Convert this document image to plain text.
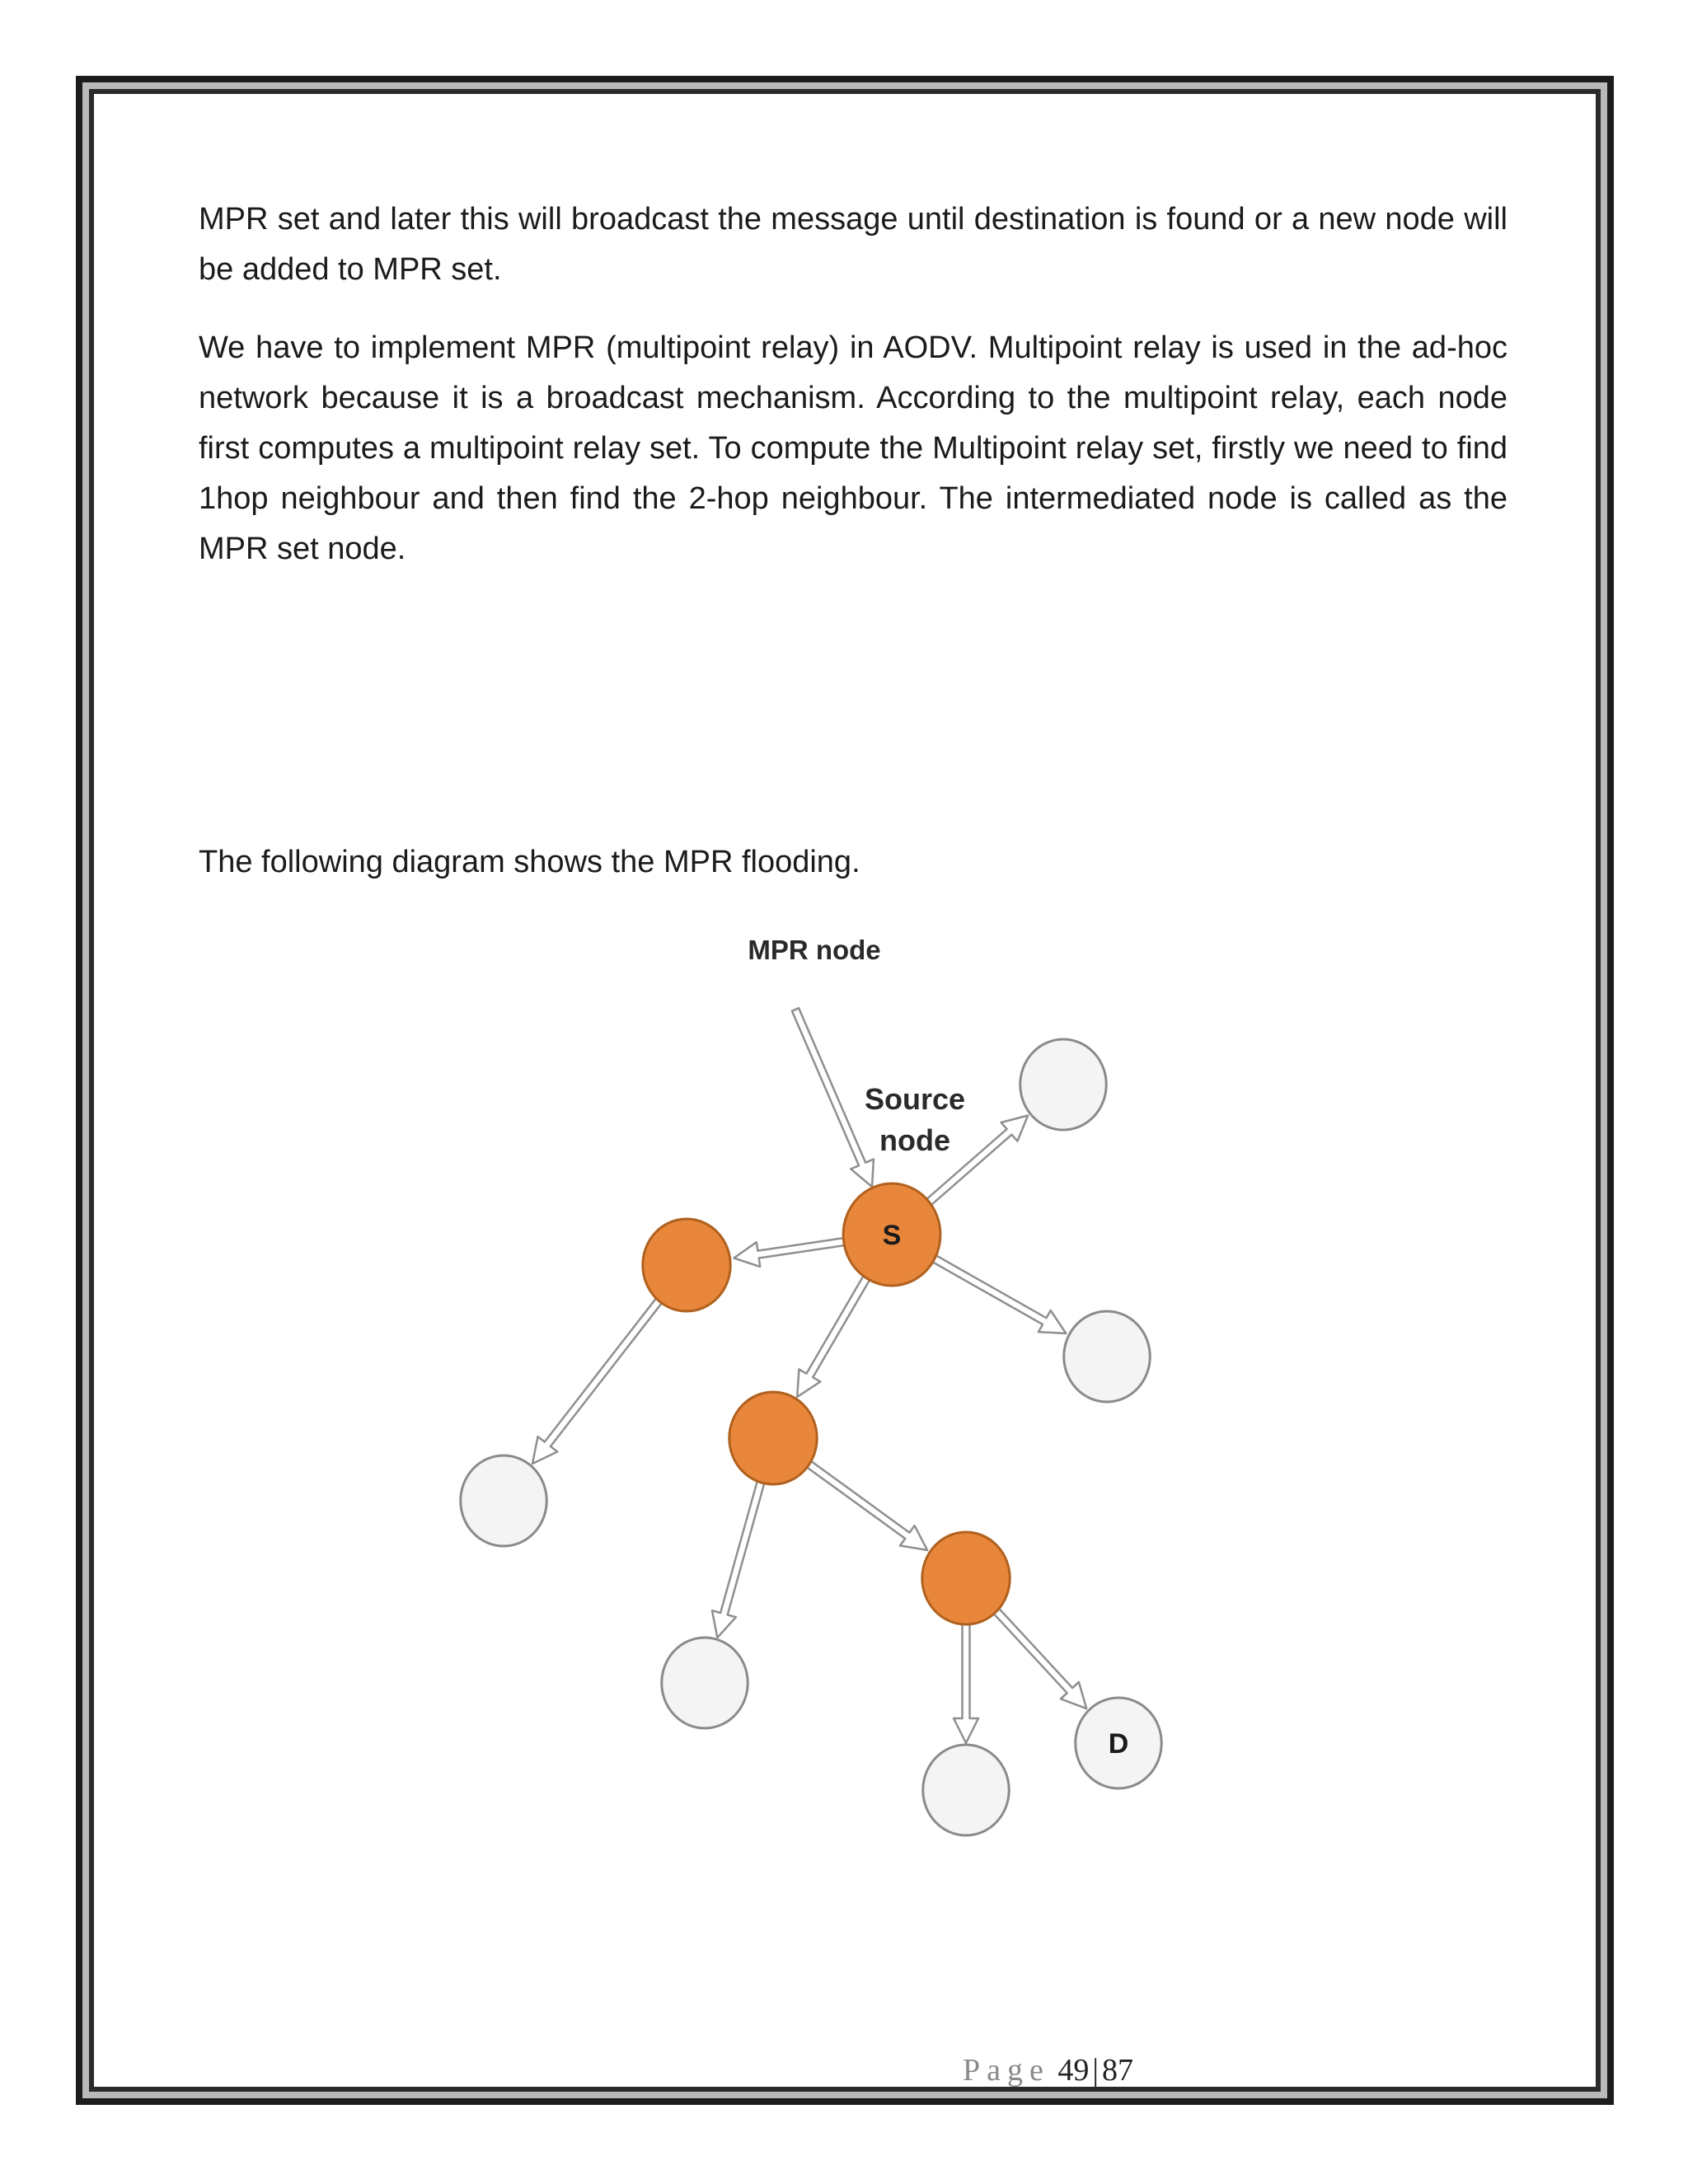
MPR set and later this will broadcast the message until destination is found or a new node will be added to MPR set.

We have to implement MPR (multipoint relay) in AODV. Multipoint relay is used in the ad-hoc network because it is a broadcast mechanism. According to the multipoint relay, each node first computes a multipoint relay set. To compute the Multipoint relay set, firstly we need to find 1hop neighbour and then find the 2-hop neighbour. The intermediated node is called as the MPR set node.

The following diagram shows the MPR flooding.

S
D
MPR node
Source
node
Page 49 | 87
